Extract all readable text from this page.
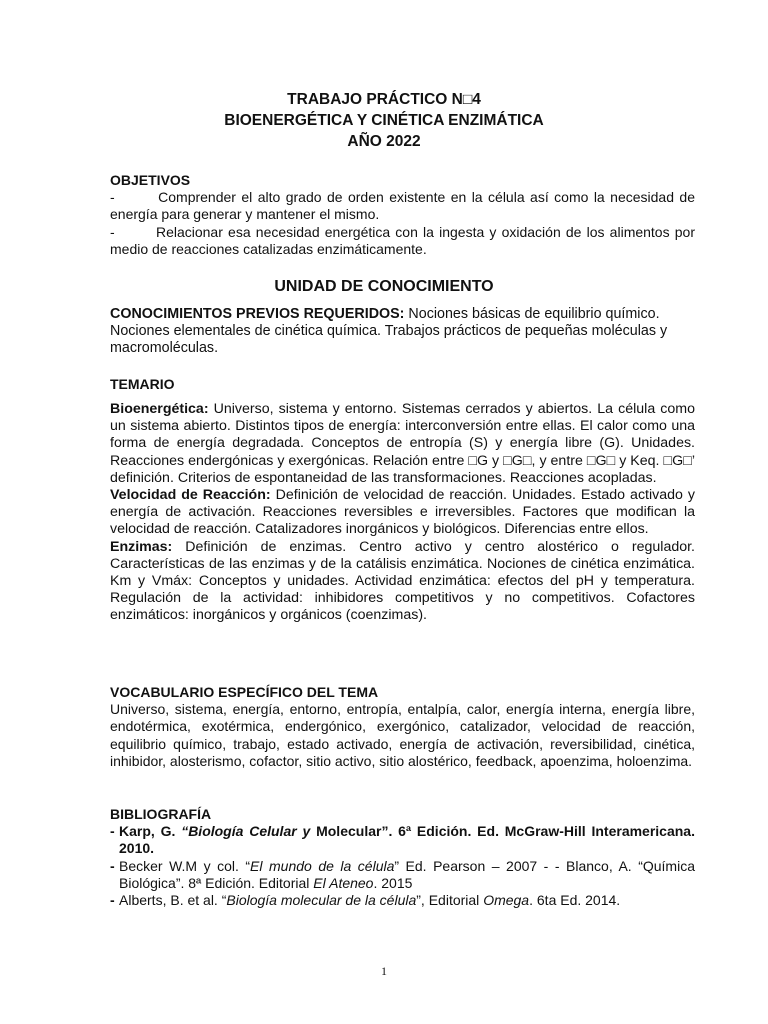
TRABAJO PRÁCTICO N□4
BIOENERGÉTICA Y CINÉTICA ENZIMÁTICA
AÑO 2022
OBJETIVOS

-        Comprender el alto grado de orden existente en la célula así como la necesidad de energía para generar y mantener el mismo.

-        Relacionar esa necesidad energética con la ingesta y oxidación de los alimentos por medio de reacciones catalizadas enzimáticamente.

UNIDAD DE CONOCIMIENTO

CONOCIMIENTOS PREVIOS REQUERIDOS: Nociones básicas de equilibrio químico. Nociones elementales de cinética química. Trabajos prácticos de pequeñas moléculas y macromoléculas.

TEMARIO

Bioenergética: Universo, sistema y entorno. Sistemas cerrados y abiertos. La célula como un sistema abierto. Distintos tipos de energía: interconversión entre ellas. El calor como una forma de energía degradada. Conceptos de entropía (S) y energía libre (G). Unidades. Reacciones endergónicas y exergónicas. Relación entre □G y □G□, y entre □G□ y Keq. □G□’ definición. Criterios de espontaneidad de las transformaciones. Reacciones acopladas.

Velocidad de Reacción: Definición de velocidad de reacción. Unidades. Estado activado y energía de activación. Reacciones reversibles e irreversibles. Factores que modifican la velocidad de reacción. Catalizadores inorgánicos y biológicos. Diferencias entre ellos.

Enzimas: Definición de enzimas. Centro activo y centro alostérico o regulador. Características de las enzimas y de la catálisis enzimática. Nociones de cinética enzimática. Km y Vmáx: Conceptos y unidades. Actividad enzimática: efectos del pH y temperatura. Regulación de la actividad: inhibidores competitivos y no competitivos. Cofactores enzimáticos: inorgánicos y orgánicos (coenzimas).

VOCABULARIO ESPECÍFICO DEL TEMA

Universo, sistema, energía, entorno, entropía, entalpía, calor, energía interna, energía libre, endotérmica, exotérmica, endergónico, exergónico, catalizador, velocidad de reacción, equilibrio químico, trabajo, estado activado, energía de activación, reversibilidad, cinética, inhibidor, alosterismo, cofactor, sitio activo, sitio alostérico, feedback, apoenzima, holoenzima.

BIBLIOGRAFÍA
- Karp, G. “Biología Celular y Molecular”. 6ª Edición. Ed. McGraw-Hill Interamericana. 2010.
- Becker W.M y col. “El mundo de la célula” Ed. Pearson – 2007 - - Blanco, A. “Química Biológica”. 8ª Edición. Editorial El Ateneo. 2015
- Alberts, B. et al. “Biología molecular de la célula”, Editorial Omega. 6ta Ed. 2014.
1
